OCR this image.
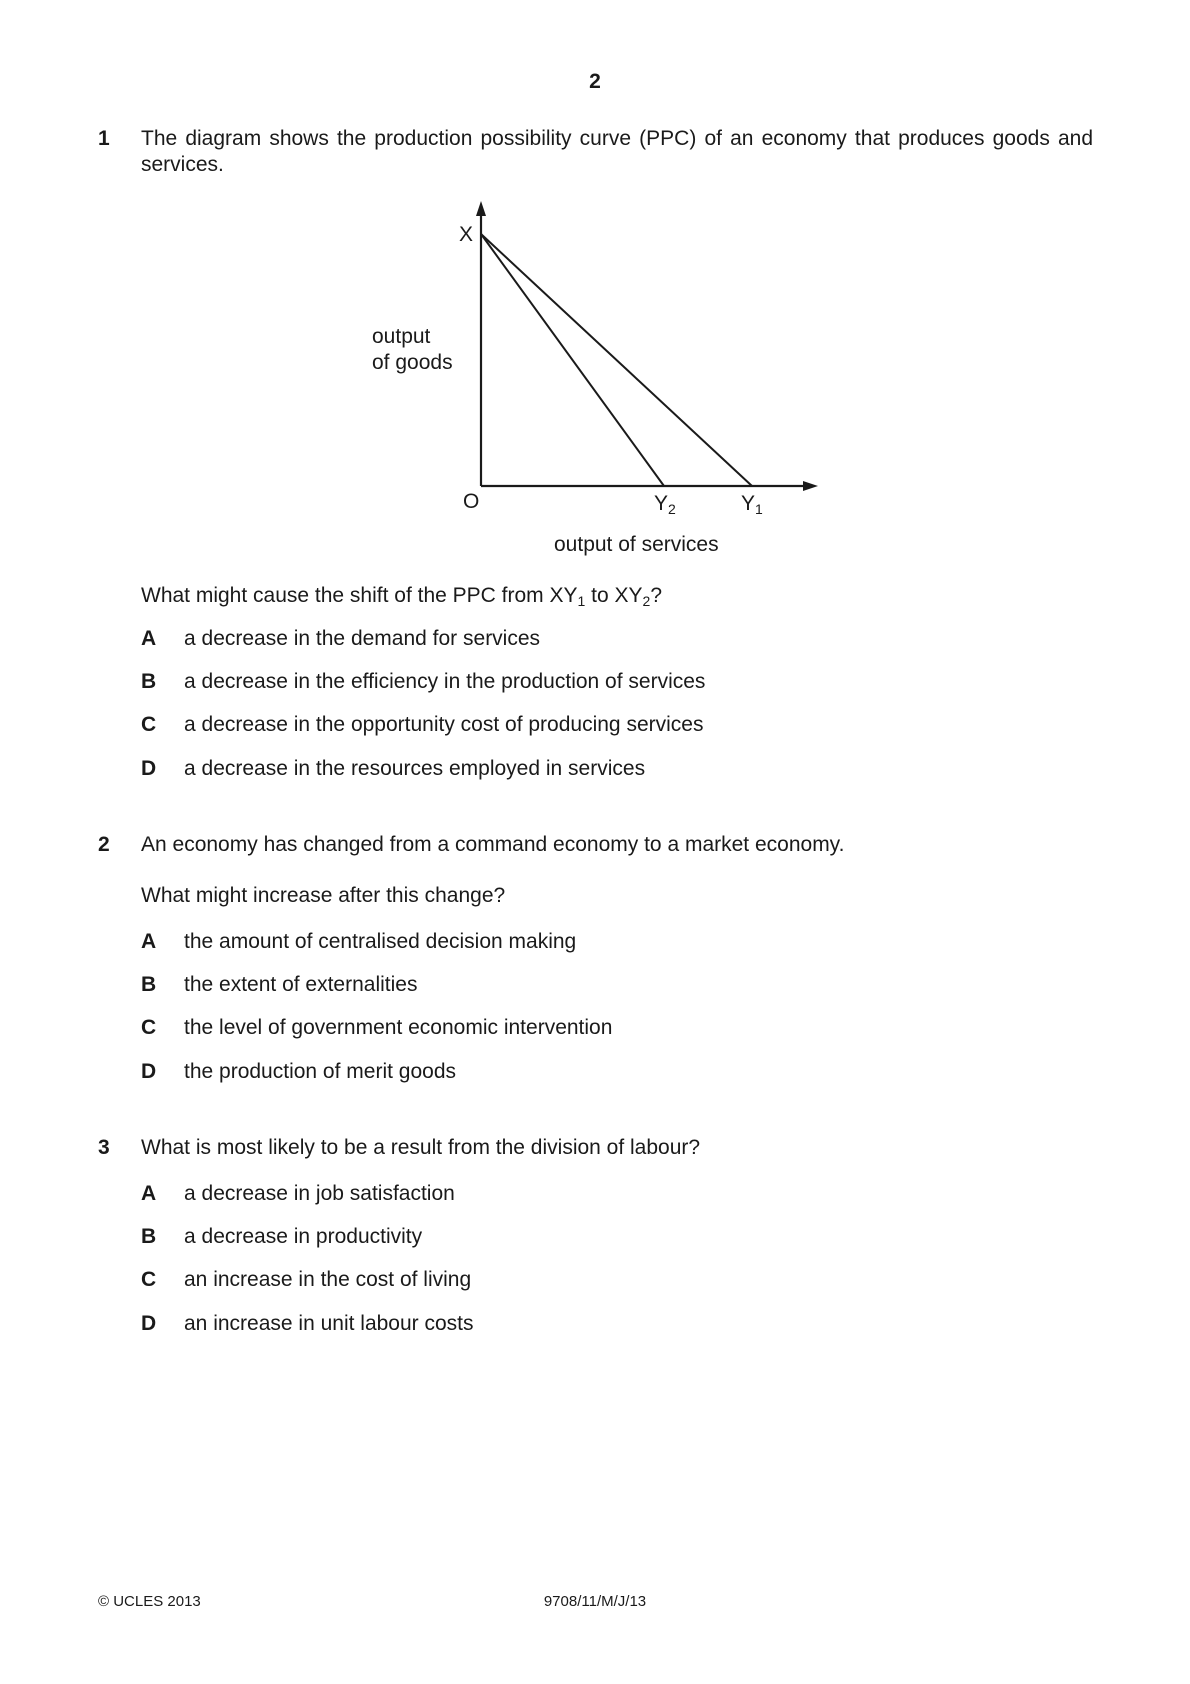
2
1 The diagram shows the production possibility curve (PPC) of an economy that produces goods and services.
X
output
of goods
O	$Y_2$	$Y_1$
output of services
What might cause the shift of the PPC from $XY_1$ to $XY_2$?
A a decrease in the demand for services
B a decrease in the efficiency in the production of services
C a decrease in the opportunity cost of producing services
D a decrease in the resources employed in services
2 An economy has changed from a command economy to a market economy.
What might increase after this change?
A the amount of centralised decision making
B the extent of externalities
C the level of government economic intervention
D the production of merit goods
3 What is most likely to be a result from the division of labour?
A a decrease in job satisfaction
B a decrease in productivity
C an increase in the cost of living
D an increase in unit labour costs
© UCLES 2013	9708/11/M/J/13
